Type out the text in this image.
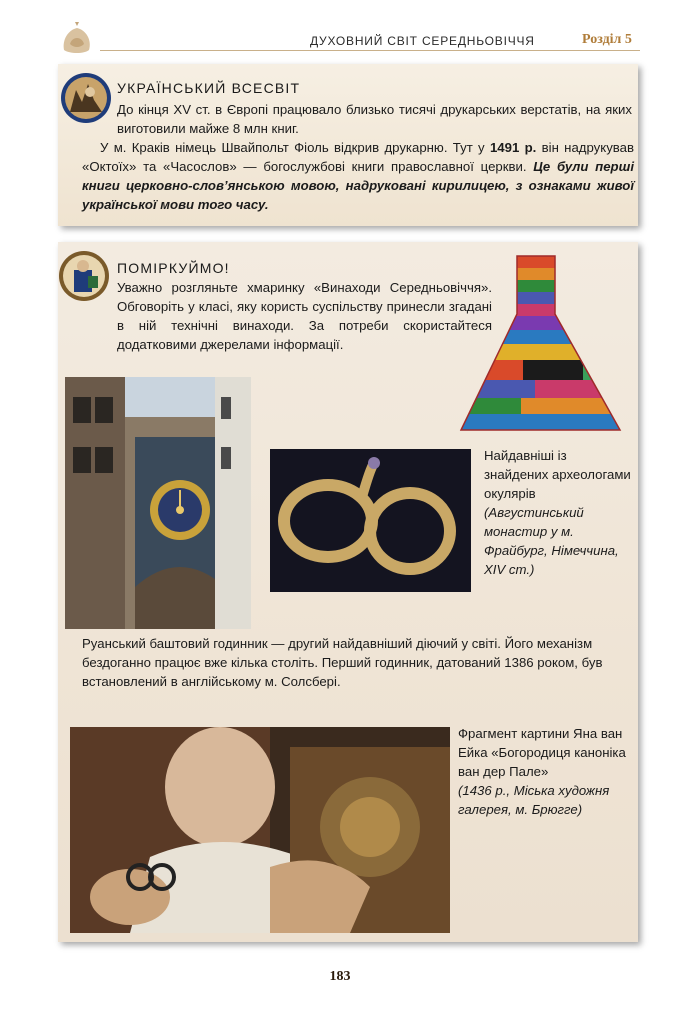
ДУХОВНИЙ СВІТ СЕРЕДНЬОВІЧЧЯ	Розділ 5
УКРАЇНСЬКИЙ ВСЕСВІТ
До кінця XV ст. в Європі працювало близько тисячі друкарських верстатів, на яких виготовили майже 8 млн книг.
У м. Краків німець Швайпольт Фіоль відкрив друкарню. Тут у 1491 р. він надрукував «Октоїх» та «Часослов» — богослужбові книги православної церкви. Це були перші книги церковно-слов’янською мовою, надруковані кирилицею, з ознаками живої української мови того часу.
ПОМІРКУЙМО!
Уважно розгляньте хмаринку «Винаходи Середньовіччя». Обговоріть у класі, яку користь суспільству принесли згадані в ній технічні винаходи. За потреби скористайтеся додатковими джерелами інформації.
Найдавніші із знайдених археологами окулярів
(Августинський монастир у м. Фрайбург, Німеччина, XIV ст.)
Руанський баштовий годинник — другий найдавніший діючий у світі. Його механізм бездоганно працює вже кілька століть. Перший годинник, датований 1386 роком, був встановлений в англійському м. Солсбері.
Фрагмент картини Яна ван Ейка «Богородиця каноніка ван дер Пале»
(1436 р., Міська художня галерея, м. Брюгге)
183
